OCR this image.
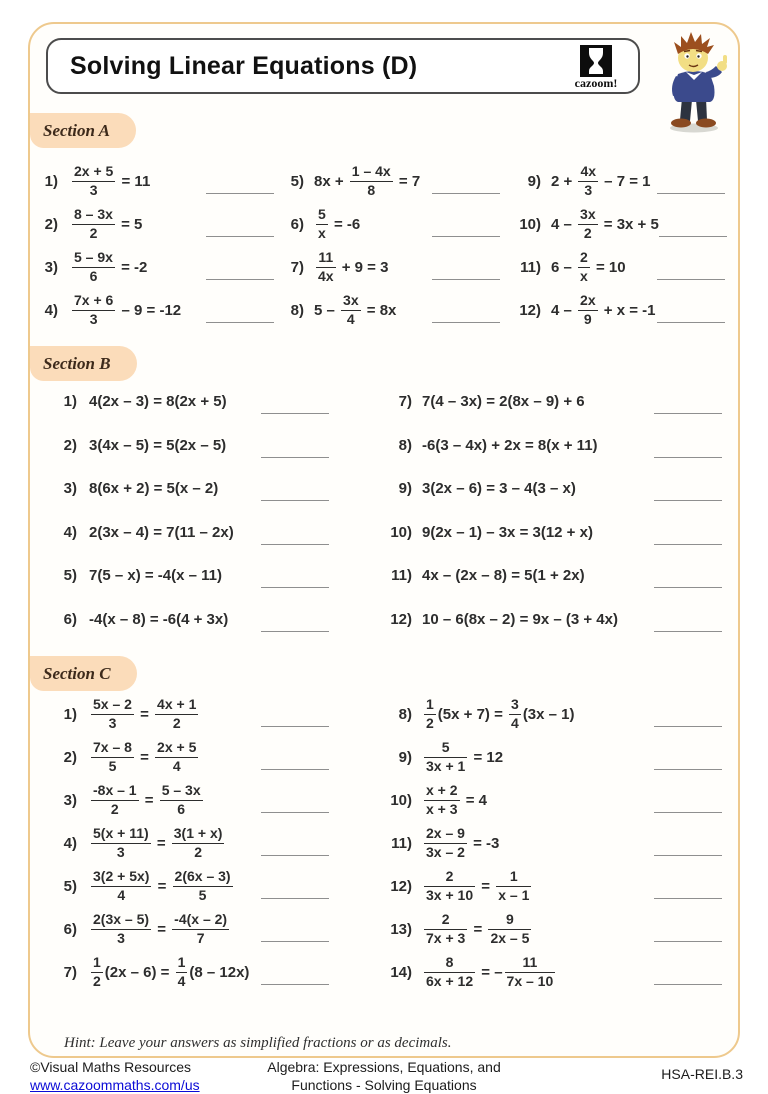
Solving Linear Equations (D)
cazoom!
Section A
$1) \frac{2x + 5}{3} = 11$
$2) \frac{8 - 3x}{2} = 5$
$3) \frac{5 - 9x}{6} = -2$
$4) \frac{7x + 6}{3} - 9 = -12$
5) $8x + \frac{1 - 4x}{8} = 7$
$6) \frac{5}{x} = -6$
$7) \frac{11}{4x} + 9 = 3$
8) $5 - \frac{3x}{4} = 8x$
9) $2 + \frac{4x}{3} - 7 = 1$
10) $4 - \frac{3x}{2} = 3x + 5$
11) $6 - \frac{2}{x} = 10$
12) $4 - \frac{2x}{9} + x = -1$
Section B
1) 4(2x – 3) = 8(2x + 5)
2) 3(4x – 5) = 5(2x – 5)
3) 8(6x + 2) = 5(x – 2)
4) 2(3x – 4) = 7(11 – 2x)
5) 7(5 – x) = -4(x – 11)
6) -4(x – 8) = -6(4 + 3x)
7) 7(4 – 3x) = 2(8x – 9) + 6
8) -6(3 – 4x) + 2x = 8(x + 11)
9) 3(2x – 6) = 3 – 4(3 – x)
10) 9(2x – 1) – 3x = 3(12 + x)
11) 4x – (2x – 8) = 5(1 + 2x)
12) 10 – 6(8x – 2) = 9x – (3 + 4x)
Section C
$1) \frac{5x - 2}{3} = \frac{4x + 1}{2}$
$2) \frac{7x - 8}{5} = \frac{2x + 5}{4}$
$3) \frac{-8x - 1}{2} = \frac{5 - 3x}{6}$
$4) \frac{5(x + 11)}{3} = \frac{3(1 + x)}{2}$
$5) \frac{3(2 + 5x)}{4} = \frac{2(6x - 3)}{5}$
$6) \frac{2(3x - 5)}{3} = \frac{-4(x - 2)}{7}$
$7) \frac{1}{2} (2x - 6) = \frac{1}{4} (8 - 12x)$
$8) \frac{1}{2} (5x + 7) = \frac{3}{4} (3x - 1)$
$9) \frac{5}{3x + 1} = 12$
$10) \frac{x + 2}{x + 3} = 4$
$11) \frac{2x - 9}{3x - 2} = -3$
$12) \frac{2}{3x + 10} = \frac{1}{x - 1}$
$13) \frac{2}{7x + 3} = \frac{9}{2x - 5}$
$14) \frac{8}{6x + 12}$ = – $\frac{11}{7x - 10}$
Hint: Leave your answers as simplified fractions or as decimals.
©Visual Maths Resources
www.cazoommaths.com/us
Algebra: Expressions, Equations, and
Functions - Solving Equations
HSA-REI.B.3
